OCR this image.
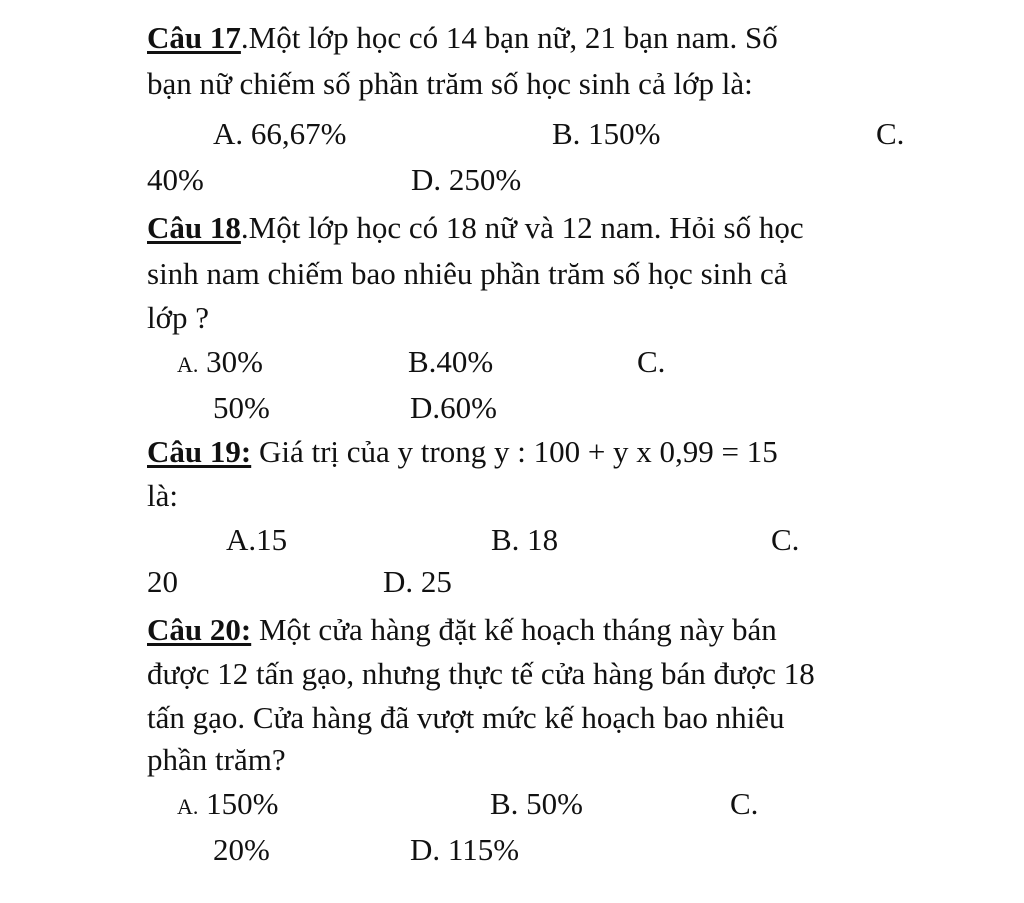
Câu 17.Một lớp học có 14 bạn nữ, 21 bạn nam. Số
bạn nữ chiếm số phần trăm số học sinh cả lớp là:
A. 66,67%	B. 150%	C.
40%	D. 250%
Câu 18.Một lớp học có 18 nữ và 12 nam. Hỏi số học
sinh nam chiếm bao nhiêu phần trăm số học sinh cả
lớp ?
A. 30%	B.40%	C.
50%	D.60%
Câu 19: Giá trị của y trong y : 100 + y x 0,99 = 15
là:
A.15	B. 18	C.
20	D. 25
Câu 20: Một cửa hàng đặt kế hoạch tháng này bán
được 12 tấn gạo, nhưng thực tế cửa hàng bán được 18
tấn gạo. Cửa hàng đã vượt mức kế hoạch bao nhiêu
phần trăm?
A. 150%	B. 50%	C.
20%	D. 115%
